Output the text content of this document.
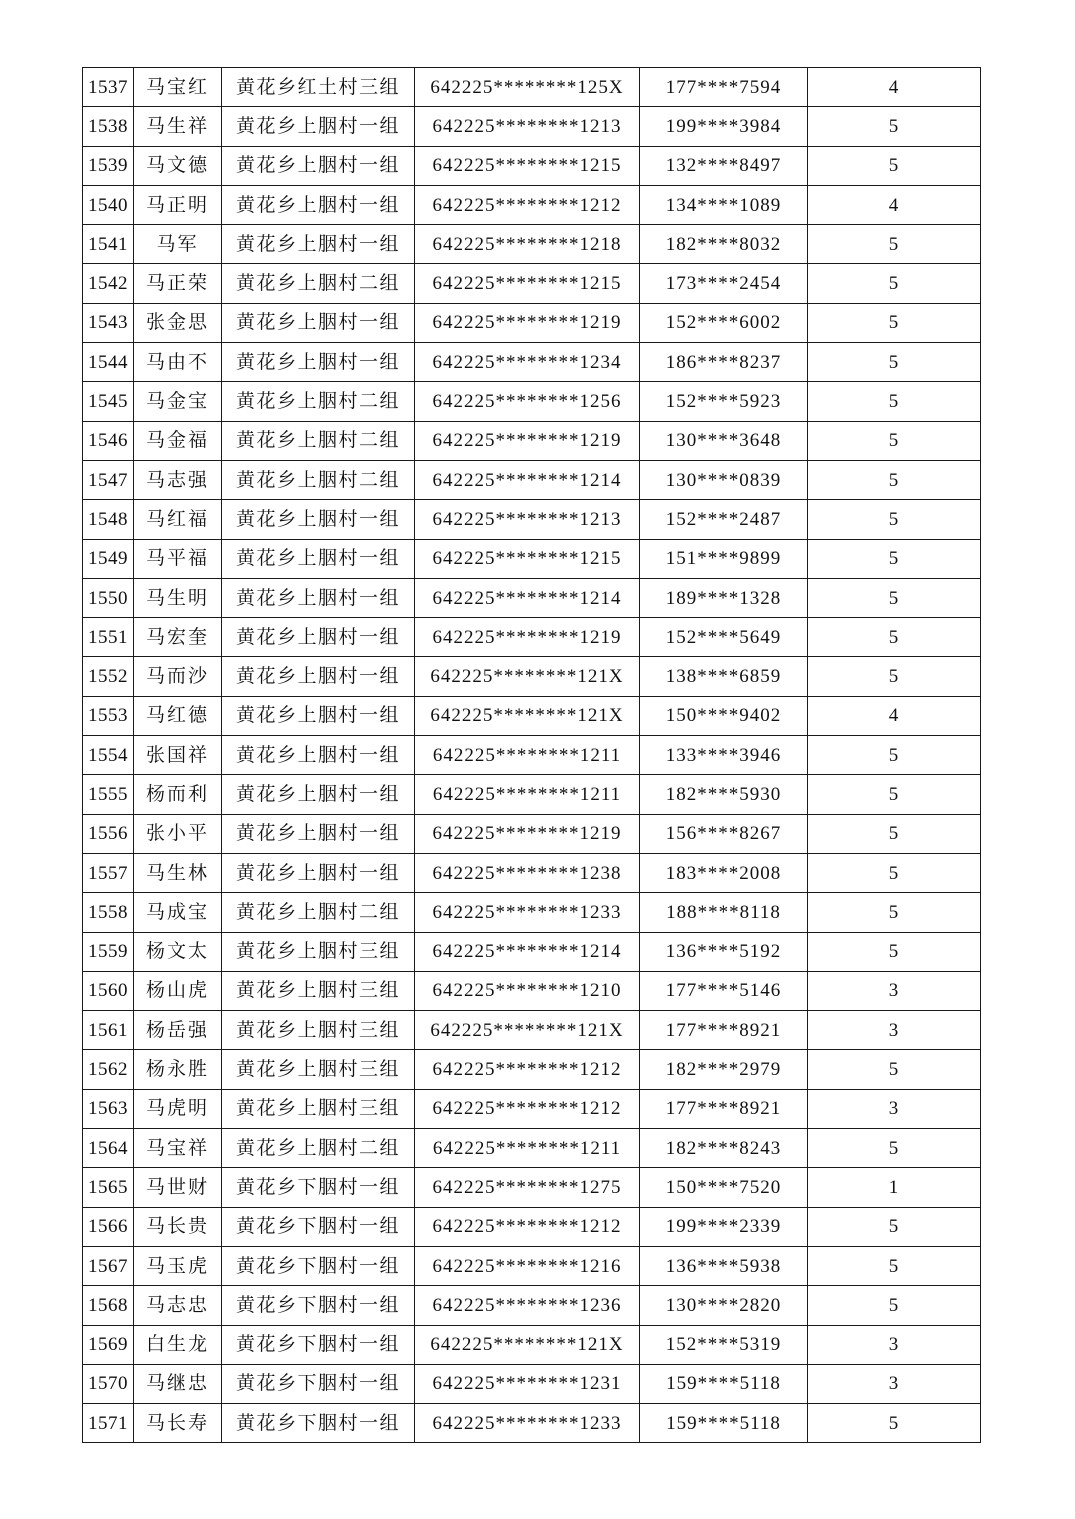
1537	马宝红	黄花乡红土村三组	642225********125X	177****7594	4
1538	马生祥	黄花乡上胭村一组	642225********1213	199****3984	5
1539	马文德	黄花乡上胭村一组	642225********1215	132****8497	5
1540	马正明	黄花乡上胭村一组	642225********1212	134****1089	4
1541	马军	黄花乡上胭村一组	642225********1218	182****8032	5
1542	马正荣	黄花乡上胭村二组	642225********1215	173****2454	5
1543	张金思	黄花乡上胭村一组	642225********1219	152****6002	5
1544	马由不	黄花乡上胭村一组	642225********1234	186****8237	5
1545	马金宝	黄花乡上胭村二组	642225********1256	152****5923	5
1546	马金福	黄花乡上胭村二组	642225********1219	130****3648	5
1547	马志强	黄花乡上胭村二组	642225********1214	130****0839	5
1548	马红福	黄花乡上胭村一组	642225********1213	152****2487	5
1549	马平福	黄花乡上胭村一组	642225********1215	151****9899	5
1550	马生明	黄花乡上胭村一组	642225********1214	189****1328	5
1551	马宏奎	黄花乡上胭村一组	642225********1219	152****5649	5
1552	马而沙	黄花乡上胭村一组	642225********121X	138****6859	5
1553	马红德	黄花乡上胭村一组	642225********121X	150****9402	4
1554	张国祥	黄花乡上胭村一组	642225********1211	133****3946	5
1555	杨而利	黄花乡上胭村一组	642225********1211	182****5930	5
1556	张小平	黄花乡上胭村一组	642225********1219	156****8267	5
1557	马生林	黄花乡上胭村一组	642225********1238	183****2008	5
1558	马成宝	黄花乡上胭村二组	642225********1233	188****8118	5
1559	杨文太	黄花乡上胭村三组	642225********1214	136****5192	5
1560	杨山虎	黄花乡上胭村三组	642225********1210	177****5146	3
1561	杨岳强	黄花乡上胭村三组	642225********121X	177****8921	3
1562	杨永胜	黄花乡上胭村三组	642225********1212	182****2979	5
1563	马虎明	黄花乡上胭村三组	642225********1212	177****8921	3
1564	马宝祥	黄花乡上胭村二组	642225********1211	182****8243	5
1565	马世财	黄花乡下胭村一组	642225********1275	150****7520	1
1566	马长贵	黄花乡下胭村一组	642225********1212	199****2339	5
1567	马玉虎	黄花乡下胭村一组	642225********1216	136****5938	5
1568	马志忠	黄花乡下胭村一组	642225********1236	130****2820	5
1569	白生龙	黄花乡下胭村一组	642225********121X	152****5319	3
1570	马继忠	黄花乡下胭村一组	642225********1231	159****5118	3
1571	马长寿	黄花乡下胭村一组	642225********1233	159****5118	5
